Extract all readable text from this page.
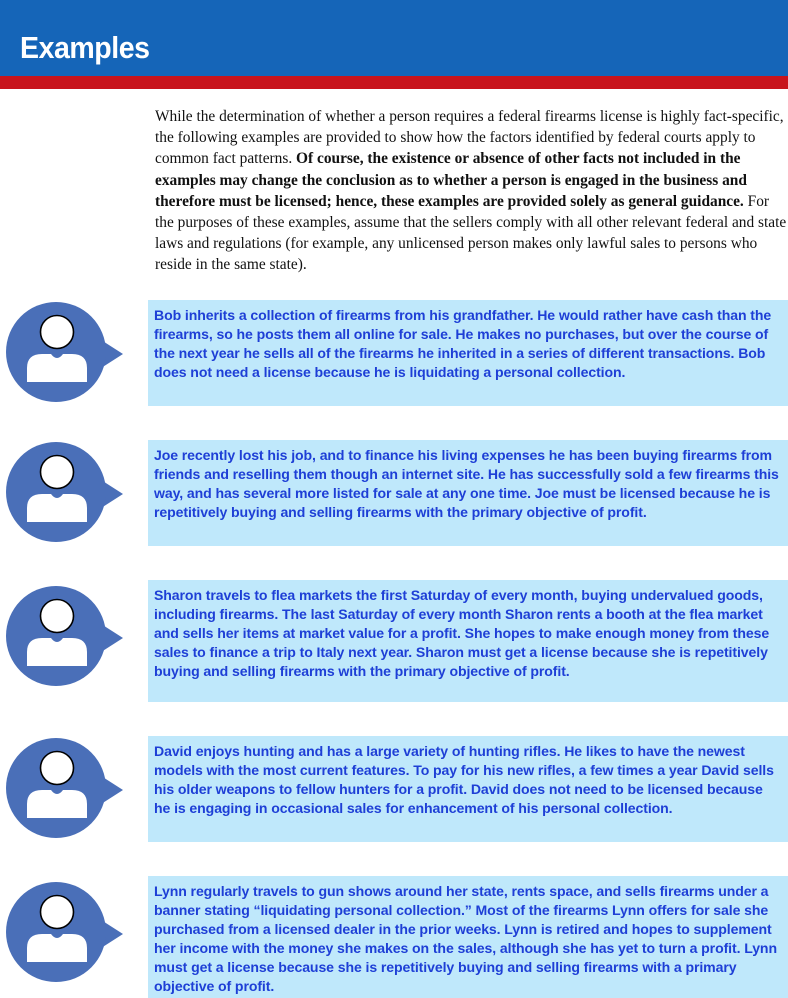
Examples

While the determination of whether a person requires a federal firearms license is highly fact-specific, the following examples are provided to show how the factors identified by federal courts apply to common fact patterns. Of course, the existence or absence of other facts not included in the examples may change the conclusion as to whether a person is engaged in the business and therefore must be licensed; hence, these examples are provided solely as general guidance. For the purposes of these examples, assume that the sellers comply with all other relevant federal and state laws and regulations (for example, any unlicensed person makes only lawful sales to persons who reside in the same state).

Bob inherits a collection of firearms from his grandfather. He would rather have cash than the firearms, so he posts them all online for sale. He makes no purchases, but over the course of the next year he sells all of the firearms he inherited in a series of different transactions. Bob does not need a license because he is liquidating a personal collection.

Joe recently lost his job, and to finance his living expenses he has been buying firearms from friends and reselling them though an internet site. He has successfully sold a few firearms this way, and has several more listed for sale at any one time. Joe must be licensed because he is repetitively buying and selling firearms with the primary objective of profit.

Sharon travels to flea markets the first Saturday of every month, buying undervalued goods, including firearms. The last Saturday of every month Sharon rents a booth at the flea market and sells her items at market value for a profit. She hopes to make enough money from these sales to finance a trip to Italy next year. Sharon must get a license because she is repetitively buying and selling firearms with the primary objective of profit.

David enjoys hunting and has a large variety of hunting rifles. He likes to have the newest models with the most current features. To pay for his new rifles, a few times a year David sells his older weapons to fellow hunters for a profit. David does not need to be licensed because he is engaging in occasional sales for enhancement of his personal collection.

Lynn regularly travels to gun shows around her state, rents space, and sells firearms under a banner stating “liquidating personal collection.” Most of the firearms Lynn offers for sale she purchased from a licensed dealer in the prior weeks. Lynn is retired and hopes to supplement her income with the money she makes on the sales, although she has yet to turn a profit. Lynn must get a license because she is repetitively buying and selling firearms with a primary objective of profit.
